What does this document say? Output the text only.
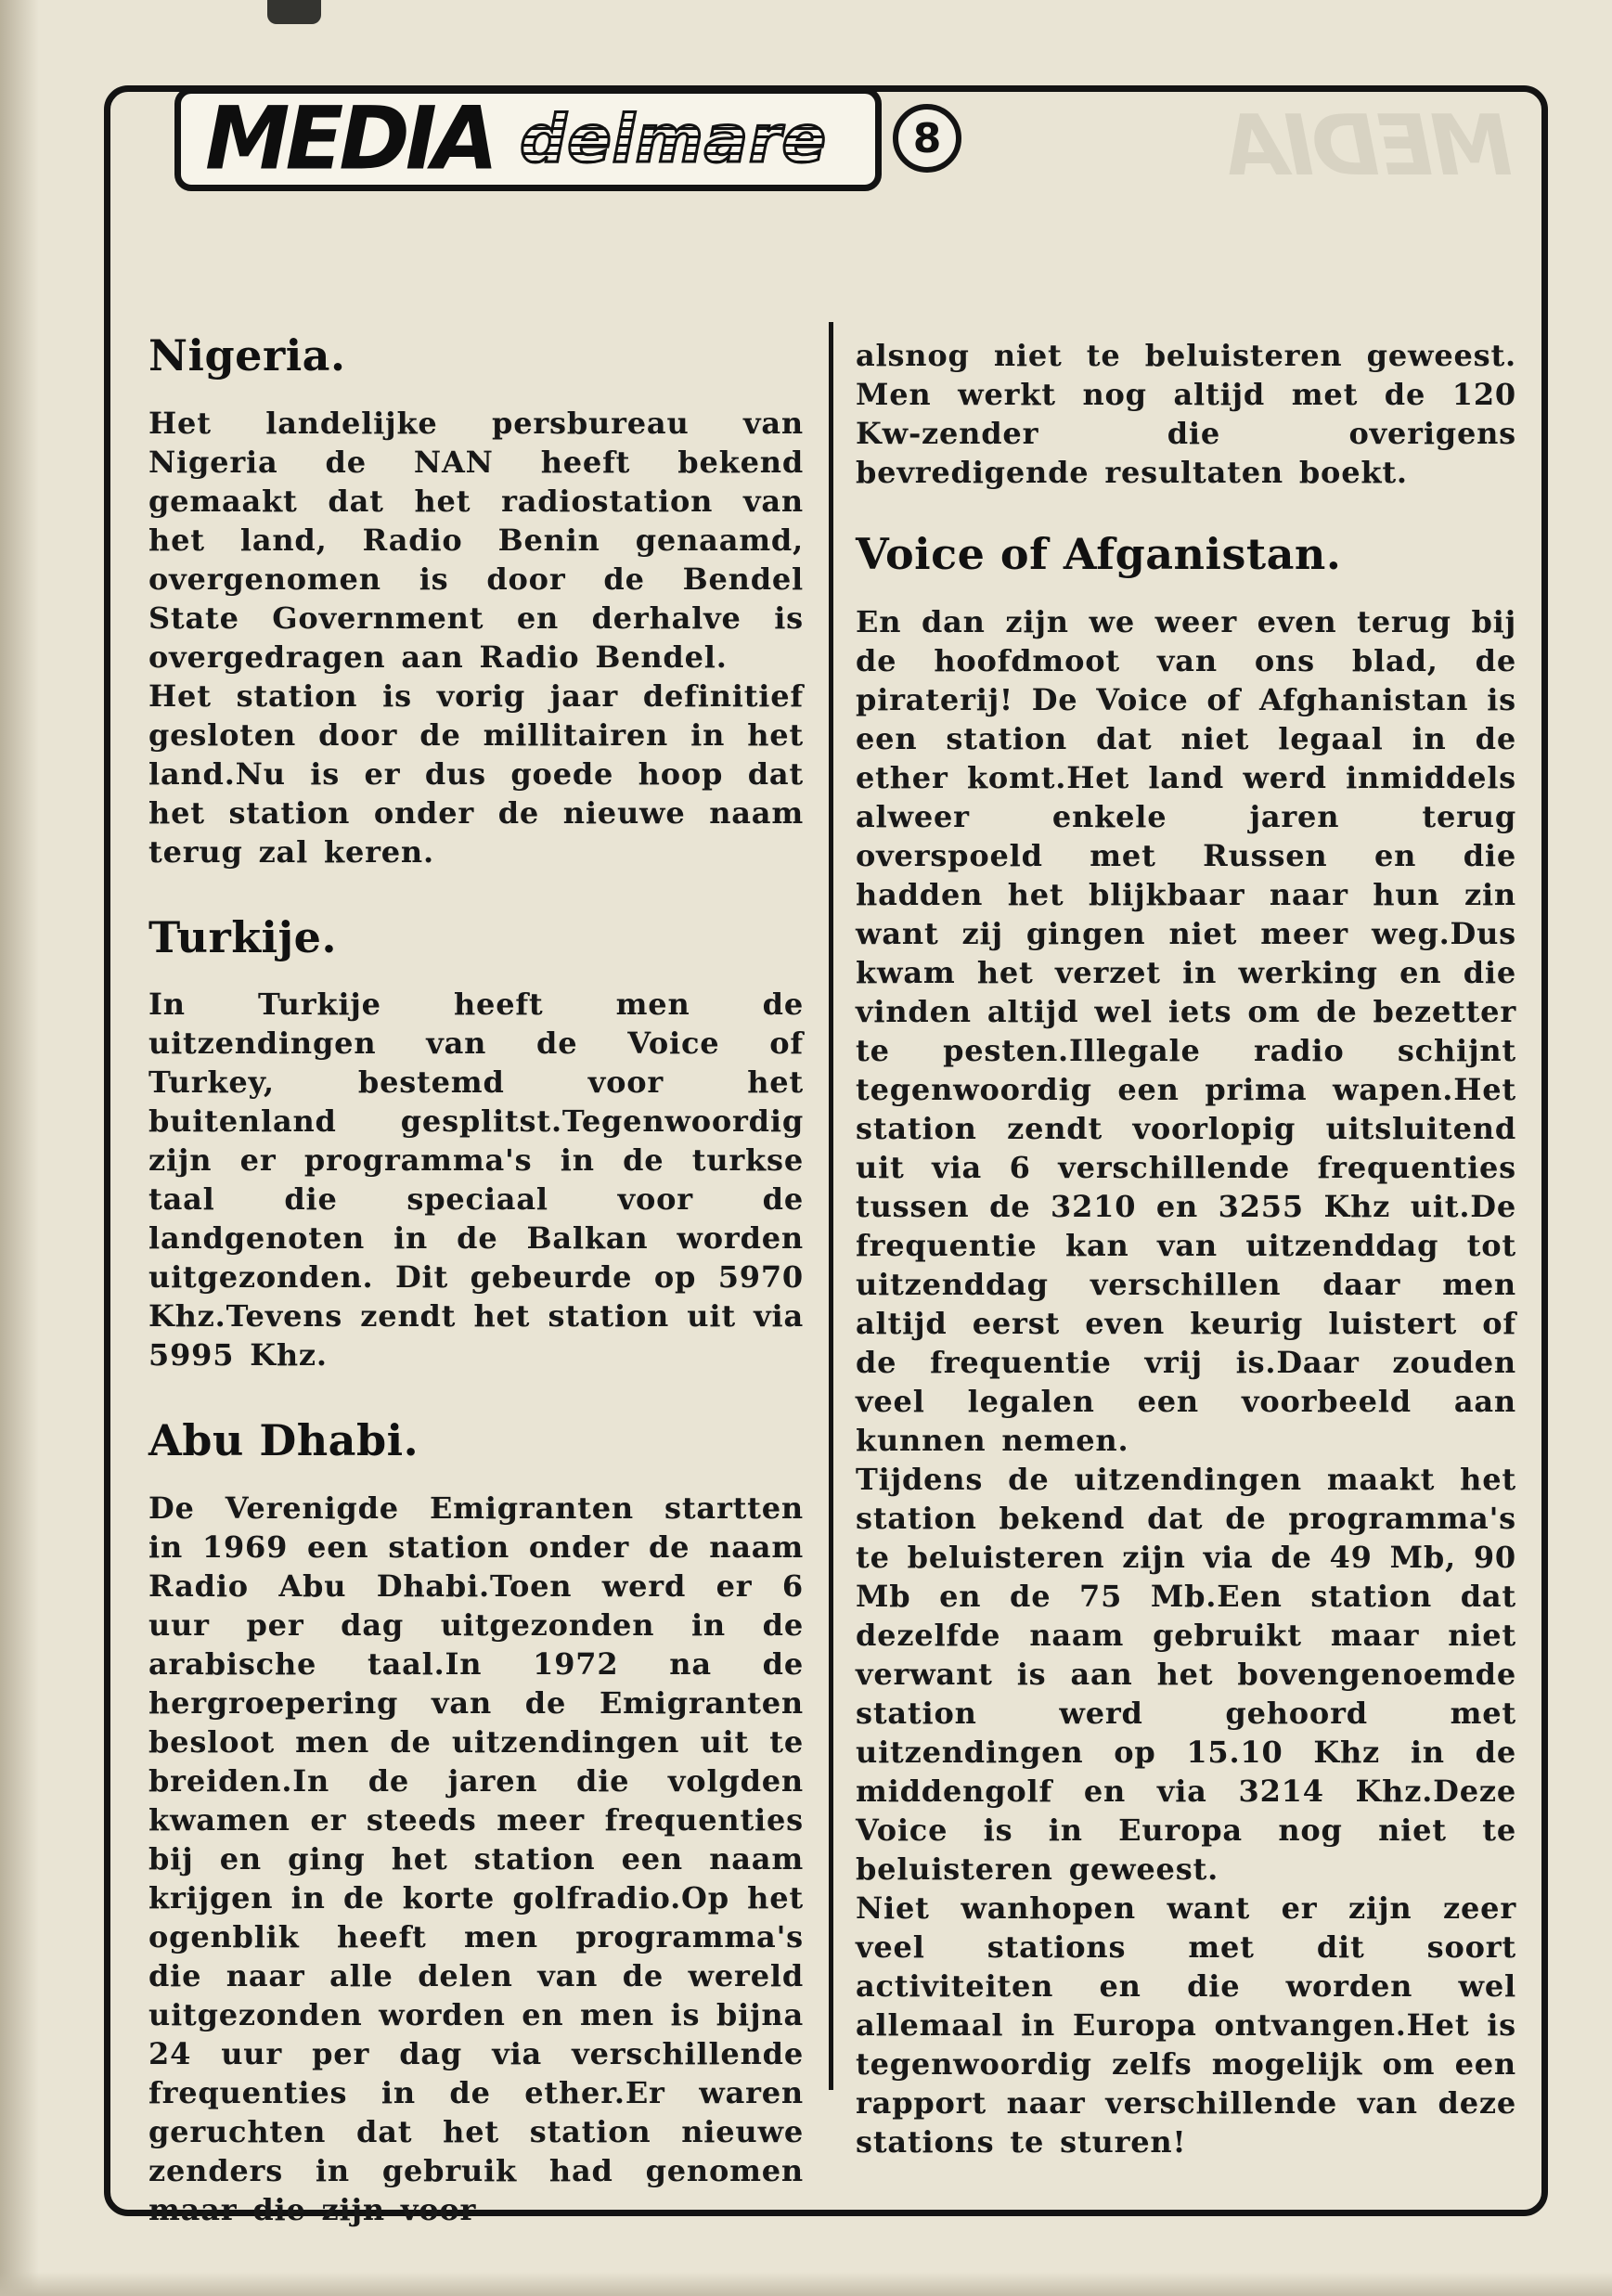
MEDIA
MEDIA delmare 8
Nigeria.

Het landelijke persbureau van Nigeria de NAN heeft bekend gemaakt dat het radiostation van het land, Radio Benin genaamd, overgenomen is door de Bendel State Government en derhalve is overgedragen aan Radio Bendel.

Het station is vorig jaar definitief gesloten door de millitairen in het land.Nu is er dus goede hoop dat het station onder de nieuwe naam terug zal keren.

Turkije.

In Turkije heeft men de uitzendingen van de Voice of Turkey, bestemd voor het buitenland gesplitst.Tegenwoordig zijn er programma's in de turkse taal die speciaal voor de landgenoten in de Balkan worden uitgezonden. Dit gebeurde op 5970 Khz.Tevens zendt het station uit via 5995 Khz.

Abu Dhabi.

De Verenigde Emigranten startten in 1969 een station onder de naam Radio Abu Dhabi.Toen werd er 6 uur per dag uitgezonden in de arabische taal.In 1972 na de hergroepering van de Emigranten besloot men de uitzendingen uit te breiden.In de jaren die volgden kwamen er steeds meer frequenties bij en ging het station een naam krijgen in de korte golfradio.Op het ogenblik heeft men programma's die naar alle delen van de wereld uitgezonden worden en men is bijna 24 uur per dag via verschillende frequenties in de ether.Er waren geruchten dat het station nieuwe zenders in gebruik had genomen maar die zijn voor

alsnog niet te beluisteren geweest. Men werkt nog altijd met de 120 Kw-zender die overigens bevredigende resultaten boekt.

Voice of Afganistan.

En dan zijn we weer even terug bij de hoofdmoot van ons blad, de piraterij! De Voice of Afghanistan is een station dat niet legaal in de ether komt.Het land werd inmiddels alweer enkele jaren terug overspoeld met Russen en die hadden het blijkbaar naar hun zin want zij gingen niet meer weg.Dus kwam het verzet in werking en die vinden altijd wel iets om de bezetter te pesten.Illegale radio schijnt tegenwoordig een prima wapen.Het station zendt voorlopig uitsluitend uit via 6 verschillende frequenties tussen de 3210 en 3255 Khz uit.De frequentie kan van uitzenddag tot uitzenddag verschillen daar men altijd eerst even keurig luistert of de frequentie vrij is.Daar zouden veel legalen een voorbeeld aan kunnen nemen.

Tijdens de uitzendingen maakt het station bekend dat de programma's te beluisteren zijn via de 49 Mb, 90 Mb en de 75 Mb.Een station dat dezelfde naam gebruikt maar niet verwant is aan het bovengenoemde station werd gehoord met uitzendingen op 15.10 Khz in de middengolf en via 3214 Khz.Deze Voice is in Europa nog niet te beluisteren geweest.

Niet wanhopen want er zijn zeer veel stations met dit soort activiteiten en die worden wel allemaal in Europa ontvangen.Het is tegenwoordig zelfs mogelijk om een rapport naar verschillende van deze stations te sturen!
